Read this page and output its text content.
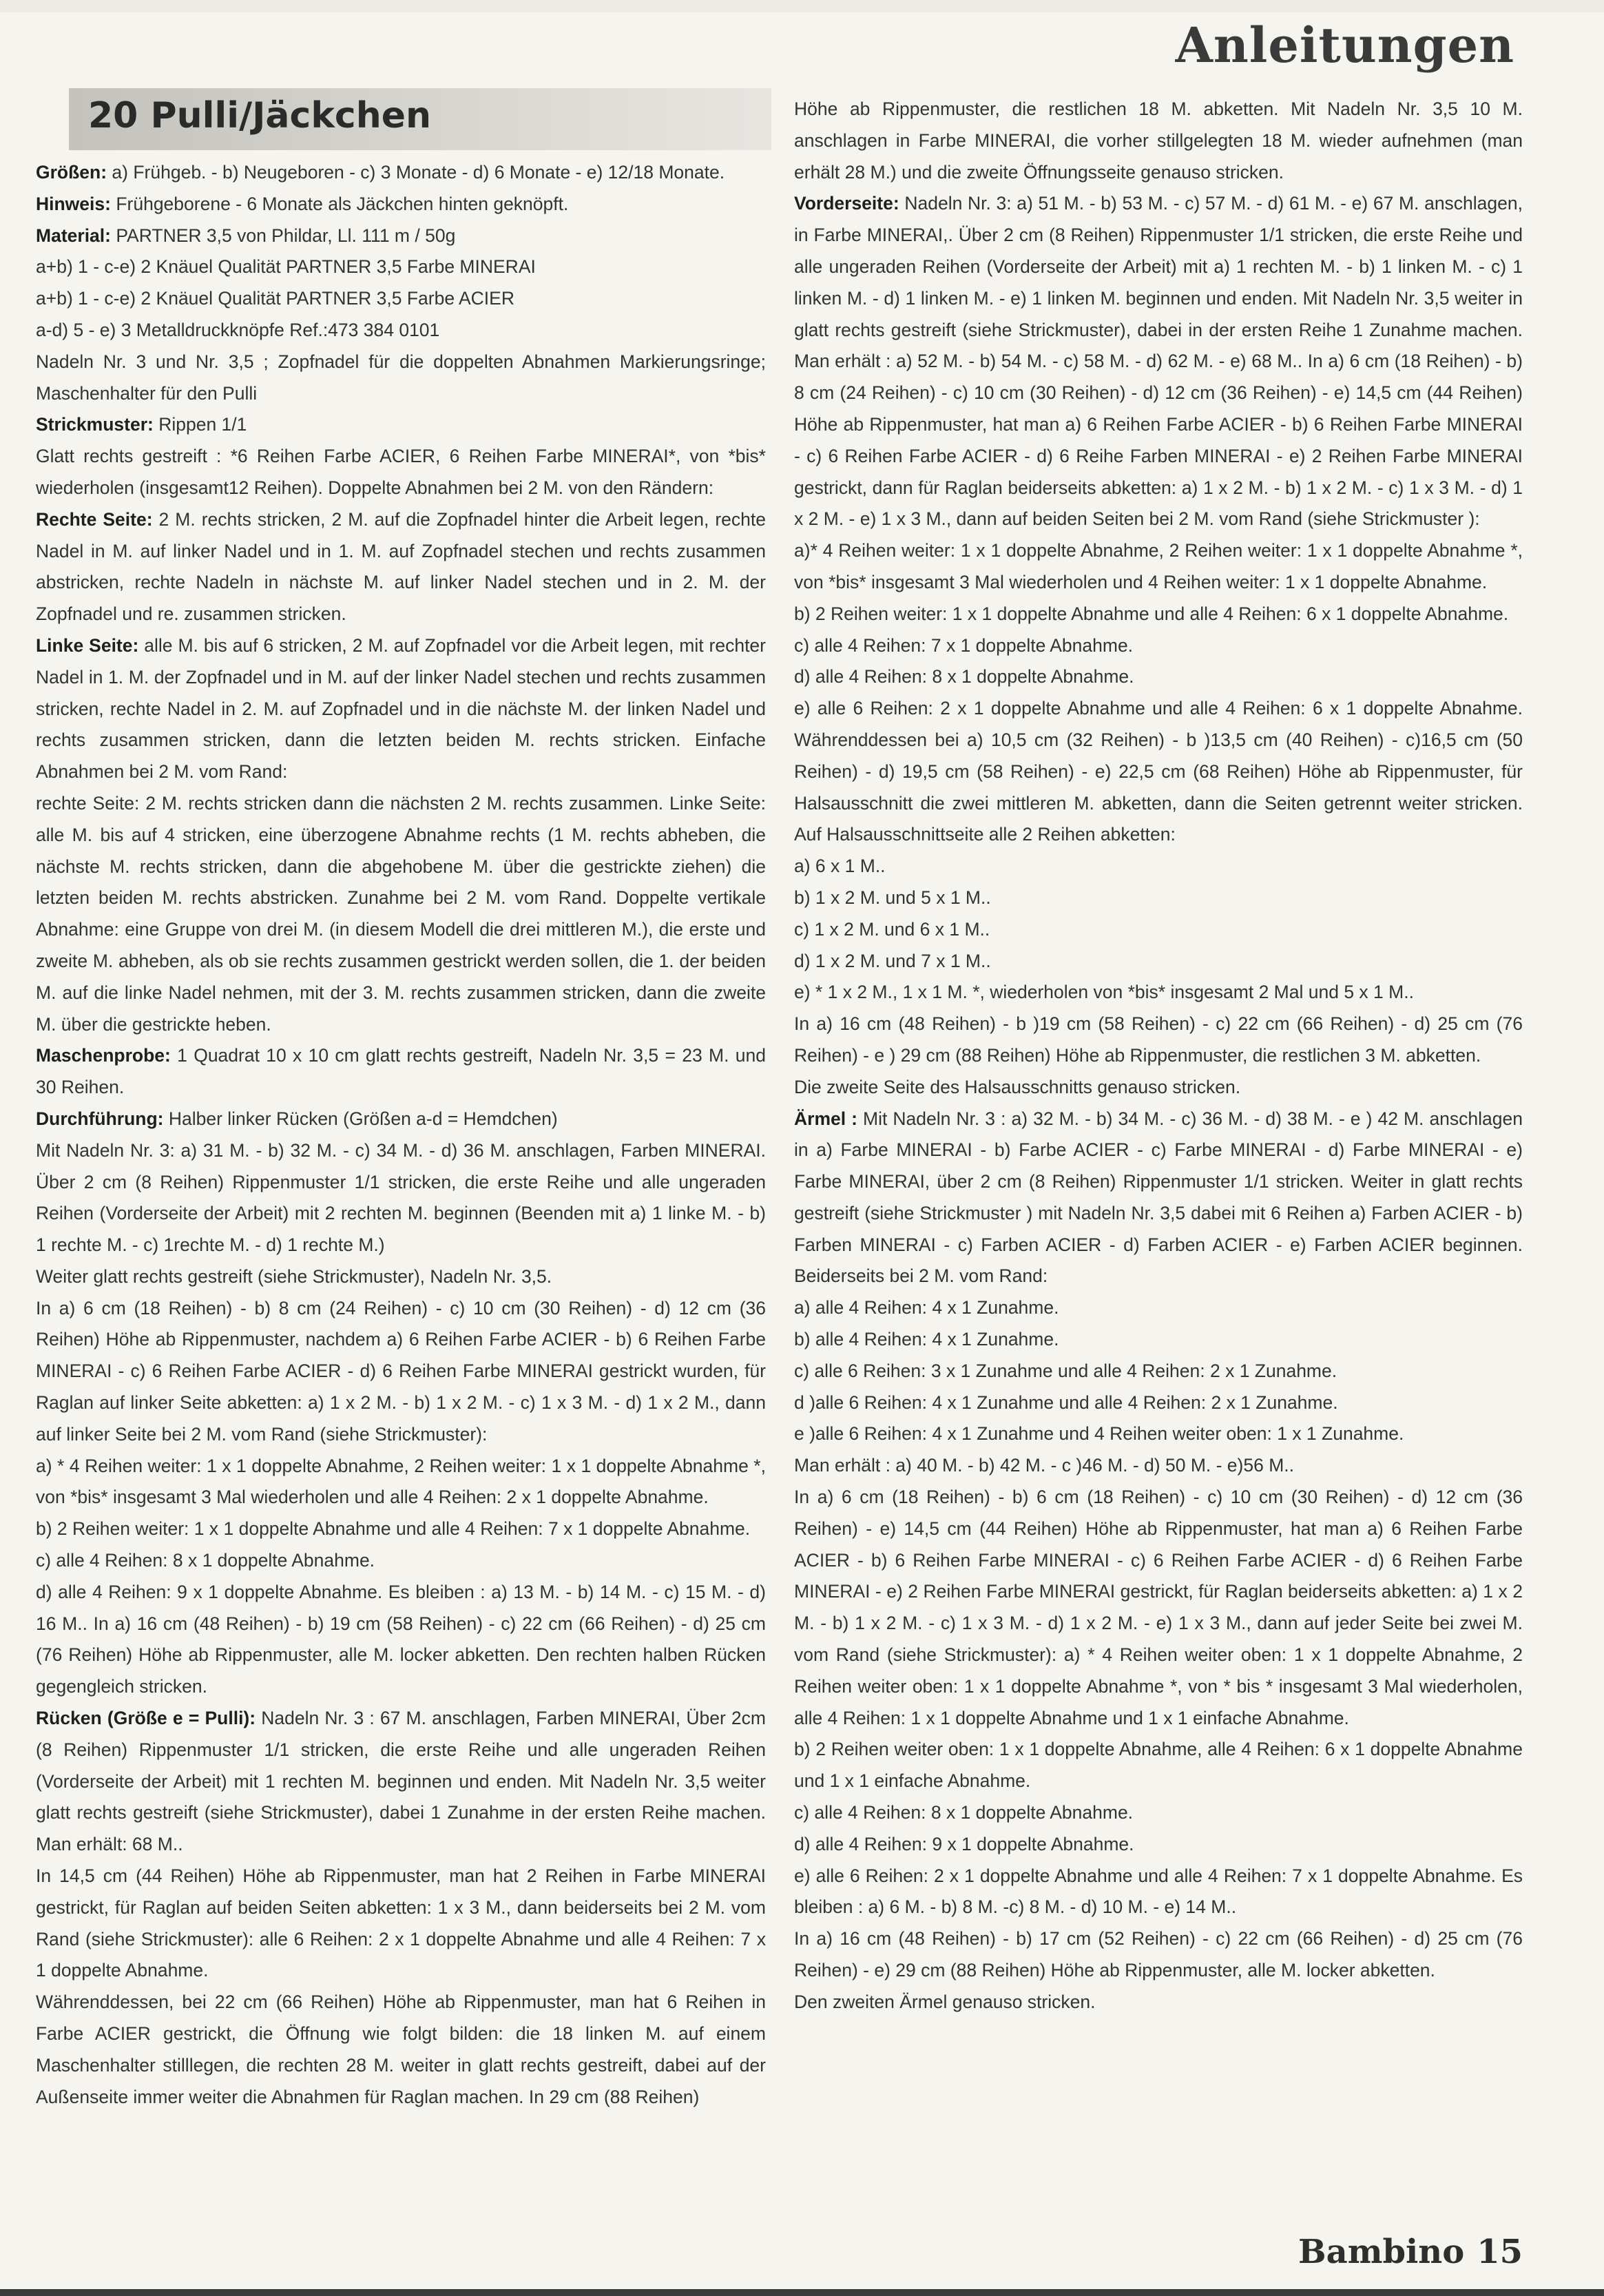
Anleitungen
20 Pulli/Jäckchen

Größen: a) Frühgeb. - b) Neugeboren - c) 3 Monate - d) 6 Monate - e) 12/18 Monate.

Hinweis: Frühgeborene - 6 Monate als Jäckchen hinten geknöpft.

Material: PARTNER 3,5 von Phildar, Ll. 111 m / 50g

a+b) 1 - c-e) 2 Knäuel Qualität PARTNER 3,5 Farbe MINERAI

a+b) 1 - c-e) 2 Knäuel Qualität PARTNER 3,5 Farbe ACIER

a-d) 5 - e) 3 Metalldruckknöpfe Ref.:473 384 0101

Nadeln Nr. 3 und Nr. 3,5 ; Zopfnadel für die doppelten Abnahmen Markierungsringe; Maschenhalter für den Pulli

Strickmuster: Rippen 1/1

Glatt rechts gestreift : *6 Reihen Farbe ACIER, 6 Reihen Farbe MINERAI*, von *bis* wiederholen (insgesamt12 Reihen). Doppelte Abnahmen bei 2 M. von den Rändern:

Rechte Seite: 2 M. rechts stricken, 2 M. auf die Zopfnadel hinter die Arbeit legen, rechte Nadel in M. auf linker Nadel und in 1. M. auf Zopfnadel stechen und rechts zusammen abstricken, rechte Nadeln in nächste M. auf linker Nadel stechen und in 2. M. der Zopfnadel und re. zusammen stricken.

Linke Seite: alle M. bis auf 6 stricken, 2 M. auf Zopfnadel vor die Arbeit legen, mit rechter Nadel in 1. M. der Zopfnadel und in M. auf der linker Nadel stechen und rechts zusammen stricken, rechte Nadel in 2. M. auf Zopfnadel und in die nächste M. der linken Nadel und rechts zusammen stricken, dann die letzten beiden M. rechts stricken. Einfache Abnahmen bei 2 M. vom Rand:

rechte Seite: 2 M. rechts stricken dann die nächsten 2 M. rechts zusammen. Linke Seite: alle M. bis auf 4 stricken, eine überzogene Abnahme rechts (1 M. rechts abheben, die nächste M. rechts stricken, dann die abgehobene M. über die gestrickte ziehen) die letzten beiden M. rechts abstricken. Zunahme bei 2 M. vom Rand. Doppelte vertikale Abnahme: eine Gruppe von drei M. (in diesem Modell die drei mittleren M.), die erste und zweite M. abheben, als ob sie rechts zusammen gestrickt werden sollen, die 1. der beiden M. auf die linke Nadel nehmen, mit der 3. M. rechts zusammen stricken, dann die zweite M. über die gestrickte heben.

Maschenprobe: 1 Quadrat 10 x 10 cm glatt rechts gestreift, Nadeln Nr. 3,5 = 23 M. und 30 Reihen.

Durchführung: Halber linker Rücken (Größen a-d = Hemdchen)

Mit Nadeln Nr. 3: a) 31 M. - b) 32 M. - c) 34 M. - d) 36 M. anschlagen, Farben MINERAI. Über 2 cm (8 Reihen) Rippenmuster 1/1 stricken, die erste Reihe und alle ungeraden Reihen (Vorderseite der Arbeit) mit 2 rechten M. beginnen (Beenden mit a) 1 linke M. - b) 1 rechte M. - c) 1rechte M. - d) 1 rechte M.)

Weiter glatt rechts gestreift (siehe Strickmuster), Nadeln Nr. 3,5.

In a) 6 cm (18 Reihen) - b) 8 cm (24 Reihen) - c) 10 cm (30 Reihen) - d) 12 cm (36 Reihen) Höhe ab Rippenmuster, nachdem a) 6 Reihen Farbe ACIER - b) 6 Reihen Farbe MINERAI - c) 6 Reihen Farbe ACIER - d) 6 Reihen Farbe MINERAI gestrickt wurden, für Raglan auf linker Seite abketten: a) 1 x 2 M. - b) 1 x 2 M. - c) 1 x 3 M. - d) 1 x 2 M., dann auf linker Seite bei 2 M. vom Rand (siehe Strickmuster):

a) * 4 Reihen weiter: 1 x 1 doppelte Abnahme, 2 Reihen weiter: 1 x 1 doppelte Abnahme *, von *bis* insgesamt 3 Mal wiederholen und alle 4 Reihen: 2 x 1 doppelte Abnahme.

b) 2 Reihen weiter: 1 x 1 doppelte Abnahme und alle 4 Reihen: 7 x 1 doppelte Abnahme.

c) alle 4 Reihen: 8 x 1 doppelte Abnahme.

d) alle 4 Reihen: 9 x 1 doppelte Abnahme. Es bleiben : a) 13 M. - b) 14 M. - c) 15 M. - d) 16 M.. In a) 16 cm (48 Reihen) - b) 19 cm (58 Reihen) - c) 22 cm (66 Reihen) - d) 25 cm (76 Reihen) Höhe ab Rippenmuster, alle M. locker abketten. Den rechten halben Rücken gegengleich stricken.

Rücken (Größe e = Pulli): Nadeln Nr. 3 : 67 M. anschlagen, Farben MINERAI, Über 2cm (8 Reihen) Rippenmuster 1/1 stricken, die erste Reihe und alle ungeraden Reihen (Vorderseite der Arbeit) mit 1 rechten M. beginnen und enden. Mit Nadeln Nr. 3,5 weiter glatt rechts gestreift (siehe Strickmuster), dabei 1 Zunahme in der ersten Reihe machen. Man erhält: 68 M..

In 14,5 cm (44 Reihen) Höhe ab Rippenmuster, man hat 2 Reihen in Farbe MINERAI gestrickt, für Raglan auf beiden Seiten abketten: 1 x 3 M., dann beiderseits bei 2 M. vom Rand (siehe Strickmuster): alle 6 Reihen: 2 x 1 doppelte Abnahme und alle 4 Reihen: 7 x 1 doppelte Abnahme.

Währenddessen, bei 22 cm (66 Reihen) Höhe ab Rippenmuster, man hat 6 Reihen in Farbe ACIER gestrickt, die Öffnung wie folgt bilden: die 18 linken M. auf einem Maschenhalter stilllegen, die rechten 28 M. weiter in glatt rechts gestreift, dabei auf der Außenseite immer weiter die Abnahmen für Raglan machen. In 29 cm (88 Reihen)

Höhe ab Rippenmuster, die restlichen 18 M. abketten. Mit Nadeln Nr. 3,5 10 M. anschlagen in Farbe MINERAI, die vorher stillgelegten 18 M. wieder aufnehmen (man erhält 28 M.) und die zweite Öffnungsseite genauso stricken.

Vorderseite: Nadeln Nr. 3: a) 51 M. - b) 53 M. - c) 57 M. - d) 61 M. - e) 67 M. anschlagen, in Farbe MINERAI,. Über 2 cm (8 Reihen) Rippenmuster 1/1 stricken, die erste Reihe und alle ungeraden Reihen (Vorderseite der Arbeit) mit a) 1 rechten M. - b) 1 linken M. - c) 1 linken M. - d) 1 linken M. - e) 1 linken M. beginnen und enden. Mit Nadeln Nr. 3,5 weiter in glatt rechts gestreift (siehe Strickmuster), dabei in der ersten Reihe 1 Zunahme machen. Man erhält : a) 52 M. - b) 54 M. - c) 58 M. - d) 62 M. - e) 68 M.. In a) 6 cm (18 Reihen) - b) 8 cm (24 Reihen) - c) 10 cm (30 Reihen) - d) 12 cm (36 Reihen) - e) 14,5 cm (44 Reihen) Höhe ab Rippenmuster, hat man a) 6 Reihen Farbe ACIER - b) 6 Reihen Farbe MINERAI - c) 6 Reihen Farbe ACIER - d) 6 Reihe Farben MINERAI - e) 2 Reihen Farbe MINERAI gestrickt, dann für Raglan beiderseits abketten: a) 1 x 2 M. - b) 1 x 2 M. - c) 1 x 3 M. - d) 1 x 2 M. - e) 1 x 3 M., dann auf beiden Seiten bei 2 M. vom Rand (siehe Strickmuster ):

a)* 4 Reihen weiter: 1 x 1 doppelte Abnahme, 2 Reihen weiter: 1 x 1 doppelte Abnahme *, von *bis* insgesamt 3 Mal wiederholen und 4 Reihen weiter: 1 x 1 doppelte Abnahme.

b) 2 Reihen weiter: 1 x 1 doppelte Abnahme und alle 4 Reihen: 6 x 1 doppelte Abnahme.

c) alle 4 Reihen: 7 x 1 doppelte Abnahme.

d) alle 4 Reihen: 8 x 1 doppelte Abnahme.

e) alle 6 Reihen: 2 x 1 doppelte Abnahme und alle 4 Reihen: 6 x 1 doppelte Abnahme. Währenddessen bei a) 10,5 cm (32 Reihen) - b )13,5 cm (40 Reihen) - c)16,5 cm (50 Reihen) - d) 19,5 cm (58 Reihen) - e) 22,5 cm (68 Reihen) Höhe ab Rippenmuster, für Halsausschnitt die zwei mittleren M. abketten, dann die Seiten getrennt weiter stricken. Auf Halsausschnittseite alle 2 Reihen abketten:

a) 6 x 1 M..

b) 1 x 2 M. und 5 x 1 M..

c) 1 x 2 M. und 6 x 1 M..

d) 1 x 2 M. und 7 x 1 M..

e) * 1 x 2 M., 1 x 1 M. *, wiederholen von *bis* insgesamt 2 Mal und 5 x 1 M..

In a) 16 cm (48 Reihen) - b )19 cm (58 Reihen) - c) 22 cm (66 Reihen) - d) 25 cm (76 Reihen) - e ) 29 cm (88 Reihen) Höhe ab Rippenmuster, die restlichen 3 M. abketten.

Die zweite Seite des Halsausschnitts genauso stricken.

Ärmel : Mit Nadeln Nr. 3 : a) 32 M. - b) 34 M. - c) 36 M. - d) 38 M. - e ) 42 M. anschlagen in a) Farbe MINERAI - b) Farbe ACIER - c) Farbe MINERAI - d) Farbe MINERAI - e) Farbe MINERAI, über 2 cm (8 Reihen) Rippenmuster 1/1 stricken. Weiter in glatt rechts gestreift (siehe Strickmuster ) mit Nadeln Nr. 3,5 dabei mit 6 Reihen a) Farben ACIER - b) Farben MINERAI - c) Farben ACIER - d) Farben ACIER - e) Farben ACIER beginnen. Beiderseits bei 2 M. vom Rand:

a) alle 4 Reihen: 4 x 1 Zunahme.

b) alle 4 Reihen: 4 x 1 Zunahme.

c) alle 6 Reihen: 3 x 1 Zunahme und alle 4 Reihen: 2 x 1 Zunahme.

d )alle 6 Reihen: 4 x 1 Zunahme und alle 4 Reihen: 2 x 1 Zunahme.

e )alle 6 Reihen: 4 x 1 Zunahme und 4 Reihen weiter oben: 1 x 1 Zunahme.

Man erhält : a) 40 M. - b) 42 M. - c )46 M. - d) 50 M. - e)56 M..

In a) 6 cm (18 Reihen) - b) 6 cm (18 Reihen) - c) 10 cm (30 Reihen) - d) 12 cm (36 Reihen) - e) 14,5 cm (44 Reihen) Höhe ab Rippenmuster, hat man a) 6 Reihen Farbe ACIER - b) 6 Reihen Farbe MINERAI - c) 6 Reihen Farbe ACIER - d) 6 Reihen Farbe MINERAI - e) 2 Reihen Farbe MINERAI gestrickt, für Raglan beiderseits abketten: a) 1 x 2 M. - b) 1 x 2 M. - c) 1 x 3 M. - d) 1 x 2 M. - e) 1 x 3 M., dann auf jeder Seite bei zwei M. vom Rand (siehe Strickmuster): a) * 4 Reihen weiter oben: 1 x 1 doppelte Abnahme, 2 Reihen weiter oben: 1 x 1 doppelte Abnahme *, von * bis * insgesamt 3 Mal wiederholen, alle 4 Reihen: 1 x 1 doppelte Abnahme und 1 x 1 einfache Abnahme.

b) 2 Reihen weiter oben: 1 x 1 doppelte Abnahme, alle 4 Reihen: 6 x 1 doppelte Abnahme und 1 x 1 einfache Abnahme.

c) alle 4 Reihen: 8 x 1 doppelte Abnahme.

d) alle 4 Reihen: 9 x 1 doppelte Abnahme.

e) alle 6 Reihen: 2 x 1 doppelte Abnahme und alle 4 Reihen: 7 x 1 doppelte Abnahme. Es bleiben : a) 6 M. - b) 8 M. -c) 8 M. - d) 10 M. - e) 14 M..

In a) 16 cm (48 Reihen) - b) 17 cm (52 Reihen) - c) 22 cm (66 Reihen) - d) 25 cm (76 Reihen) - e) 29 cm (88 Reihen) Höhe ab Rippenmuster, alle M. locker abketten.

Den zweiten Ärmel genauso stricken.

Bambino 15
